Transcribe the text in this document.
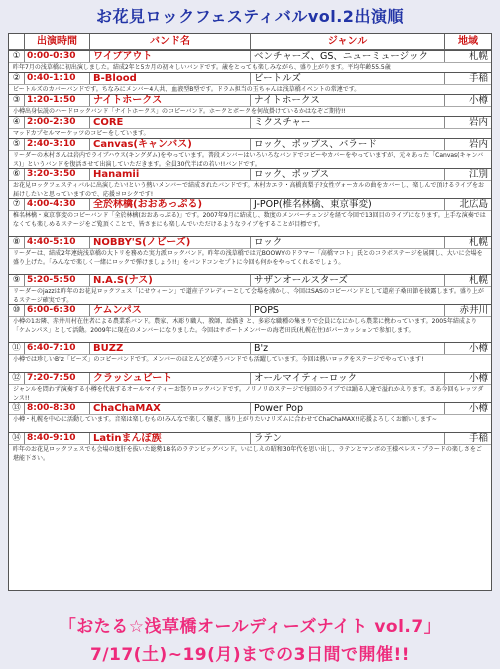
お花見ロックフェスティバルvol.2出演順
出演時間	バンド名	ジャンル	地域
① 0:00-0:30	ワイプアウト	ベンチャーズ、GS、ニューミュージック	札幌
昨年7月の浅草橋に初出演しました。結成2年と5カ月の初々しいバンドです。歳をとっても楽しみながら、盛り上がります。平均年齢55.5歳
② 0:40-1:10	B-Blood	ビートルズ	手稲
ビートルズのカバーバンドです。ちなみにメンバー4人共、血液型B型です。ドラム担当の玉ちゃんは浅草橋イベントの常連です。
③ 1:20-1:50	ナイトホークス	ナイトホークス	小樽
小樽出身伝説のハードロックバンド「ナイトホークス」のコピーバンド。ホークとボークを何故掛けているかはなぞご期待!!
④ 2:00-2:30	CORE	ミクスチャー	岩内
マッドカプセルマーケッツのコピーをしています。
⑤ 2:40-3:10	Canvas(キャンバス)	ロック、ポップス、バラード	岩内
リーダーの木村さんは岩内でライブハウス(キングダム)をやっています。普段メンバーはいろいろなバンドでコピーやカバーをやっていますが、元々あった「Canvas(キャンバス)」というバンドを復活させて出演していただきます。全員30代半ばの若い!!バンドです。
⑥ 3:20-3:50	Hanamii	ロック、ポップス	江別
お花見ロックフェスティバルに出演したい!という熱いメンバーで結成されたバンドです。木村カエラ・高橋真梨子?女性ヴォーカルの曲をカバーし、楽しんで頂けるライブをお届けしたいと思っていますので、応援ヨロシクです!
⑦ 4:00-4:30	全於林檎(おおあっぷる)	J-POP(椎名林檎、東京事変)	北広島
椎名林檎・東京事変のコピーバンド「全於林檎(おおあっぷる)」です。2007年9月に結成し、数度のメンバーチェンジを経て今回で13回目のライブになります。上手な演奏ではなくても楽しめるステージをご覧頂くことで、皆さまにも楽しんでいただけるようなライブをすることが目標です。
⑧ 4:40-5:10	NOBBY'S(ノビーズ)	ロック	札幌
リーダーは、結成2年連続浅草橋の大トリを務めた実力派ロックバンド。昨年の浅草橋では元BOOWYのドラマー「高橋マコト」氏とのコラボステージを展開し、大いに会場を盛り上げた。「みんなで楽しく一緒にロックで弾けましょう!!」をバンドコンセプトに今回も何かをやってくれるでしょう。
⑨ 5:20-5:50	N.A.S(ナス)	サザンオールスターズ	札幌
リーダーのjazzは昨年のお花見ロックフェス「にせウィーン」で道産子フレディーとして会場を沸かし、今回はSASのコピーバンドとして道産子桑田節を披露します。盛り上がるステージ確実です。
⑩ 6:00-6:30	ケムンパス	POPS	赤井川
小樽の1お隣、赤井川村在住者による農業系バンド。農家、木彫り職人、教師、絵描き と、多彩な職種の集まりで会員になにかしら農業に携わっています。2005年結成より「ケムンパス」として活動。2009年に現在のメンバーになりました。今回はサポートメンバーの海老田氏(札幌在住)がパーカッションで参加します。
⑪ 6:40-7:10	BUZZ	B'z	小樽
小樽では珍しいB'z「ビーズ」のコピーバンドです。メンバーのほとんどが違うバンドでも活躍しています。今回は熱いロックをステージでやっています!
⑫ 7:20-7:50	クラッシュビート	オールマイティーロック	小樽
ジャンルを問わず演奏する小樽を代表するオールマイティーお祭りロックバンドです。ノリノリのステージで毎回のライブでは踊る人達で溢れかえります。さあ今回もレッツダンス!!
⑬ 8:00-8:30	ChaChaMAX	Power Pop	小樽
小樽・札幌を中心に活動しています。音楽は楽しむもの!みんなで楽しく騒ぎ、盛り上がりたい♪リズムに合わせてChaChaMAX!!応援よろしくお願いします~
⑭ 8:40-9:10	Latinまんぼ族	ラテン	手稲
昨年のお花見ロックフェスでも会場の度肝を抜いた総勢18名のラテンビッグバンド。いにしえの昭和30年代を思い出し、ラテンとマンボの王様ペレス・プラードの楽しさをご堪能下さい。
「おたる☆浅草橋オールディーズナイト vol.7」
7/17(土)~19(月)までの3日間で開催!!
